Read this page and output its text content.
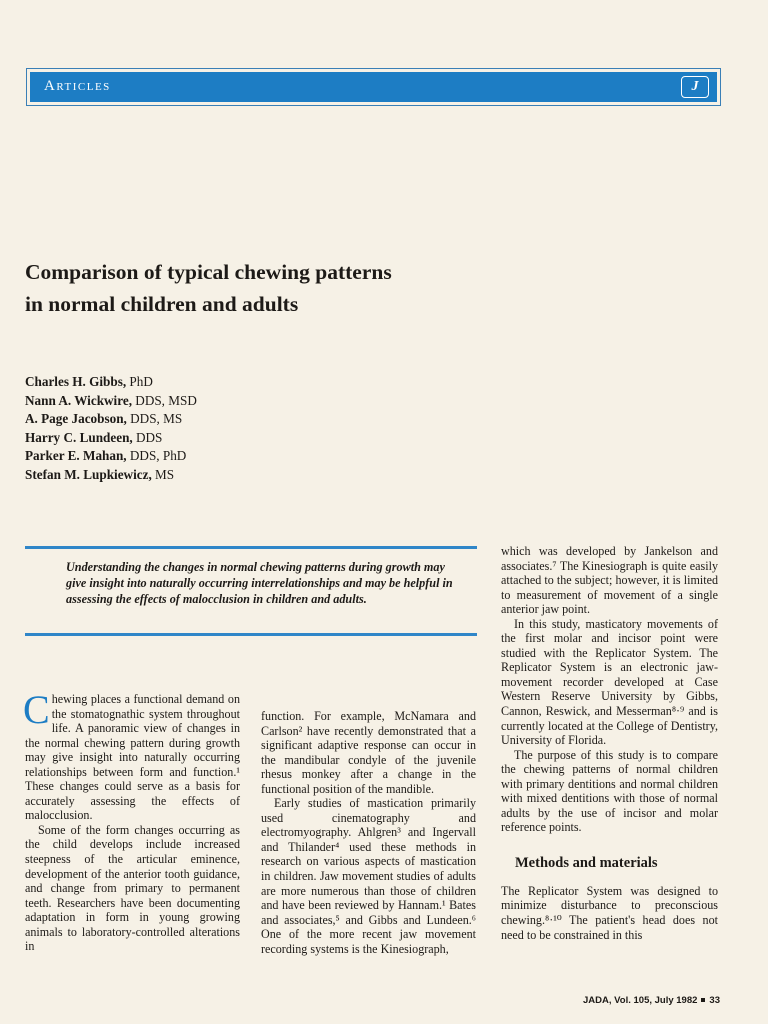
Articles	J
Comparison of typical chewing patterns
in normal children and adults
Charles H. Gibbs, PhD
Nann A. Wickwire, DDS, MSD
A. Page Jacobson, DDS, MS
Harry C. Lundeen, DDS
Parker E. Mahan, DDS, PhD
Stefan M. Lupkiewicz, MS
Understanding the changes in normal chewing patterns during growth may give insight into naturally occurring interrelationships and may be helpful in assessing the effects of malocclusion in children and adults.

Chewing places a functional demand on the stomatognathic system throughout life. A panoramic view of changes in the normal chewing pattern during growth may give insight into naturally occurring relationships between form and function.¹ These changes could serve as a basis for accurately assessing the effects of malocclusion.

Some of the form changes occurring as the child develops include increased steepness of the articular eminence, development of the anterior tooth guidance, and change from primary to permanent teeth. Researchers have been documenting adaptation in form in young growing animals to laboratory-controlled alterations in

function. For example, McNamara and Carlson² have recently demonstrated that a significant adaptive response can occur in the mandibular condyle of the juvenile rhesus monkey after a change in the functional position of the mandible.

Early studies of mastication primarily used cinematography and electromyography. Ahlgren³ and Ingervall and Thilander⁴ used these methods in research on various aspects of mastication in children. Jaw movement studies of adults are more numerous than those of children and have been reviewed by Hannam.¹ Bates and associates,⁵ and Gibbs and Lundeen.⁶ One of the more recent jaw movement recording systems is the Kinesiograph,

which was developed by Jankelson and associates.⁷ The Kinesiograph is quite easily attached to the subject; however, it is limited to measurement of movement of a single anterior jaw point.

In this study, masticatory movements of the first molar and incisor point were studied with the Replicator System. The Replicator System is an electronic jaw-movement recorder developed at Case Western Reserve University by Gibbs, Cannon, Reswick, and Messerman⁸·⁹ and is currently located at the College of Dentistry, University of Florida.

The purpose of this study is to compare the chewing patterns of normal children with primary dentitions and normal children with mixed dentitions with those of normal adults by the use of incisor and molar reference points.

Methods and materials

The Replicator System was designed to minimize disturbance to preconscious chewing.⁸·¹⁰ The patient's head does not need to be constrained in this

JADA, Vol. 105, July 1982 33
